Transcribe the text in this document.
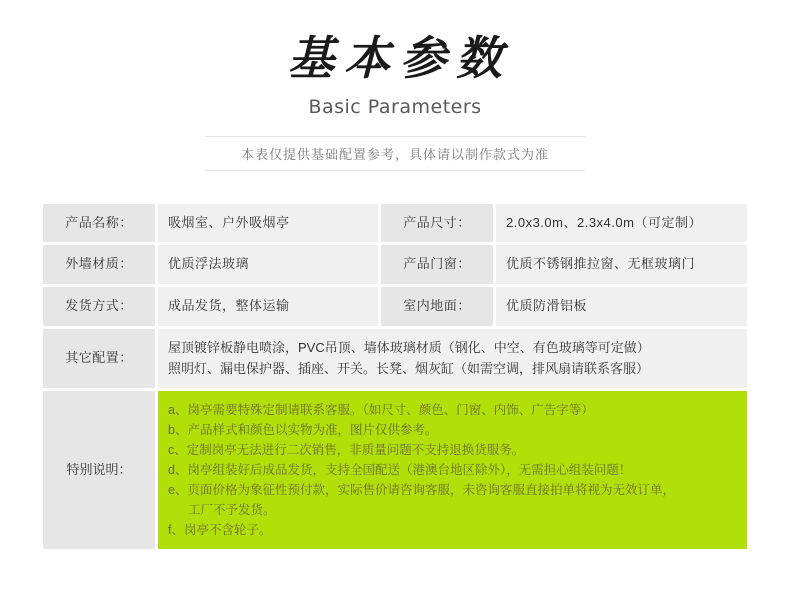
基本参数
Basic Parameters
本表仅提供基础配置参考，具体请以制作款式为准
产品名称：	吸烟室、户外吸烟亭	产品尺寸：	2.0x3.0m、2.3x4.0m（可定制）
外墙材质：	优质浮法玻璃	产品门窗：	优质不锈钢推拉窗、无框玻璃门
发货方式：	成品发货，整体运输	室内地面：	优质防滑铝板
其它配置：	屋顶镀锌板静电喷涂，PVC吊顶、墙体玻璃材质（钢化、中空、有色玻璃等可定做）
照明灯、漏电保护器、插座、开关。长凳、烟灰缸（如需空调，排风扇请联系客服）		

特别说明：	
a、岗亭需要特殊定制请联系客服。（如尺寸、颜色、门窗、内饰、广告字等）
b、产品样式和颜色以实物为准，图片仅供参考。
c、定制岗亭无法进行二次销售，非质量问题不支持退换货服务。
d、岗亭组装好后成品发货，支持全国配送（港澳台地区除外），无需担心组装问题！
e、页面价格为象征性预付款，实际售价请咨询客服，未咨询客服直接拍单将视为无效订单，
工厂不予发货。
f、岗亭不含轮子。
